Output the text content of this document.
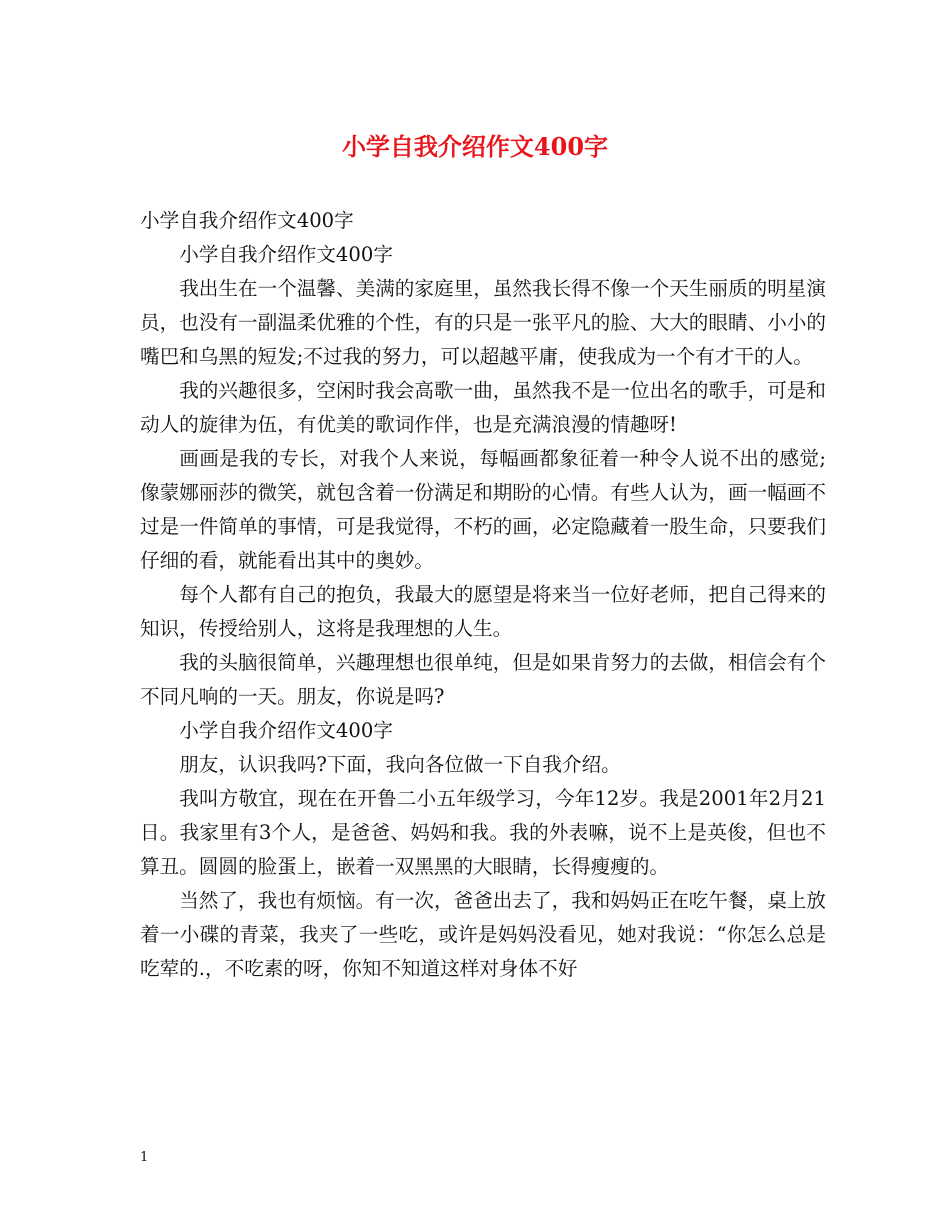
小学自我介绍作文400字

小学自我介绍作文400字

小学自我介绍作文400字

我出生在一个温馨、美满的家庭里，虽然我长得不像一个天生丽质的明星演员，也没有一副温柔优雅的个性，有的只是一张平凡的脸、大大的眼睛、小小的嘴巴和乌黑的短发;不过我的努力，可以超越平庸，使我成为一个有才干的人。

我的兴趣很多，空闲时我会高歌一曲，虽然我不是一位出名的歌手，可是和动人的旋律为伍，有优美的歌词作伴，也是充满浪漫的情趣呀!

画画是我的专长，对我个人来说，每幅画都象征着一种令人说不出的感觉;像蒙娜丽莎的微笑，就包含着一份满足和期盼的心情。有些人认为，画一幅画不过是一件简单的事情，可是我觉得，不朽的画，必定隐藏着一股生命，只要我们仔细的看，就能看出其中的奥妙。

每个人都有自己的抱负，我最大的愿望是将来当一位好老师，把自己得来的知识，传授给别人，这将是我理想的人生。

我的头脑很简单，兴趣理想也很单纯，但是如果肯努力的去做，相信会有个不同凡响的一天。朋友，你说是吗?

小学自我介绍作文400字

朋友，认识我吗?下面，我向各位做一下自我介绍。

我叫方敬宜，现在在开鲁二小五年级学习，今年12岁。我是2001年2月21日。我家里有3个人，是爸爸、妈妈和我。我的外表嘛，说不上是英俊，但也不算丑。圆圆的脸蛋上，嵌着一双黑黑的大眼睛，长得瘦瘦的。

当然了，我也有烦恼。有一次，爸爸出去了，我和妈妈正在吃午餐，桌上放着一小碟的青菜，我夹了一些吃，或许是妈妈没看见，她对我说：“你怎么总是吃荤的.，不吃素的呀，你知不知道这样对身体不好

1
